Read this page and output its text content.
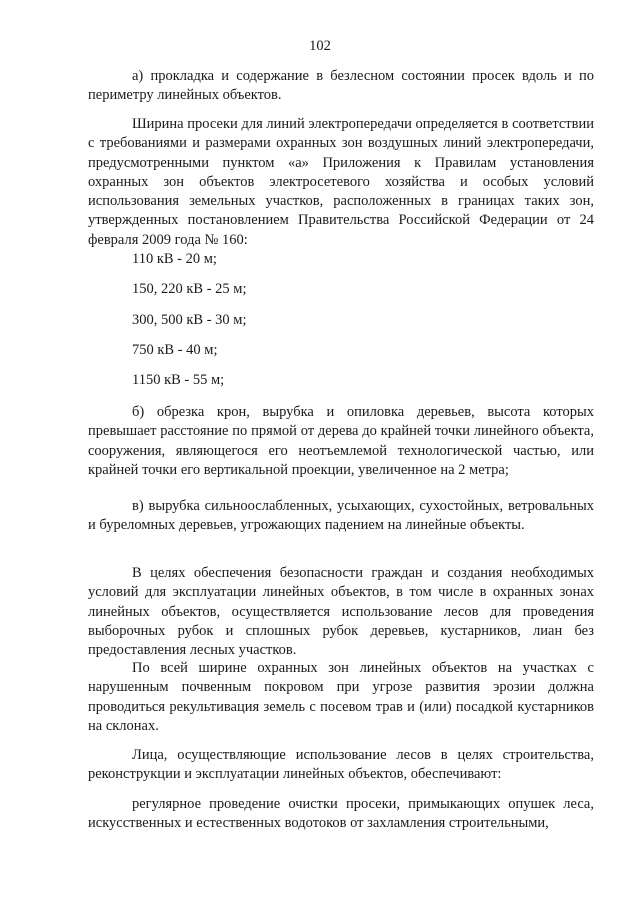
102

а) прокладка и содержание в безлесном состоянии просек вдоль и по периметру линейных объектов.

Ширина просеки для линий электропередачи определяется в соответствии с требованиями и размерами охранных зон воздушных линий электропередачи, предусмотренными пунктом «а» Приложения к Правилам установления охранных зон объектов электросетевого хозяйства и особых условий использования земельных участков, расположенных в границах таких зон, утвержденных постановлением Правительства Российской Федерации от 24 февраля 2009 года № 160:

110 кВ - 20 м;
150, 220 кВ - 25 м;
300, 500 кВ - 30 м;
750 кВ - 40 м;
1150 кВ - 55 м;

б) обрезка крон, вырубка и опиловка деревьев, высота которых превышает расстояние по прямой от дерева до крайней точки линейного объекта, сооружения, являющегося его неотъемлемой технологической частью, или крайней точки его вертикальной проекции, увеличенное на 2 метра;

в) вырубка сильноослабленных, усыхающих, сухостойных, ветровальных и буреломных деревьев, угрожающих падением на линейные объекты.

В целях обеспечения безопасности граждан и создания необходимых условий для эксплуатации линейных объектов, в том числе в охранных зонах линейных объектов, осуществляется использование лесов для проведения выборочных рубок и сплошных рубок деревьев, кустарников, лиан без предоставления лесных участков.

По всей ширине охранных зон линейных объектов на участках с нарушенным почвенным покровом при угрозе развития эрозии должна проводиться рекультивация земель с посевом трав и (или) посадкой кустарников на склонах.

Лица, осуществляющие использование лесов в целях строительства, реконструкции и эксплуатации линейных объектов, обеспечивают:

регулярное проведение очистки просеки, примыкающих опушек леса, искусственных и естественных водотоков от захламления строительными,
